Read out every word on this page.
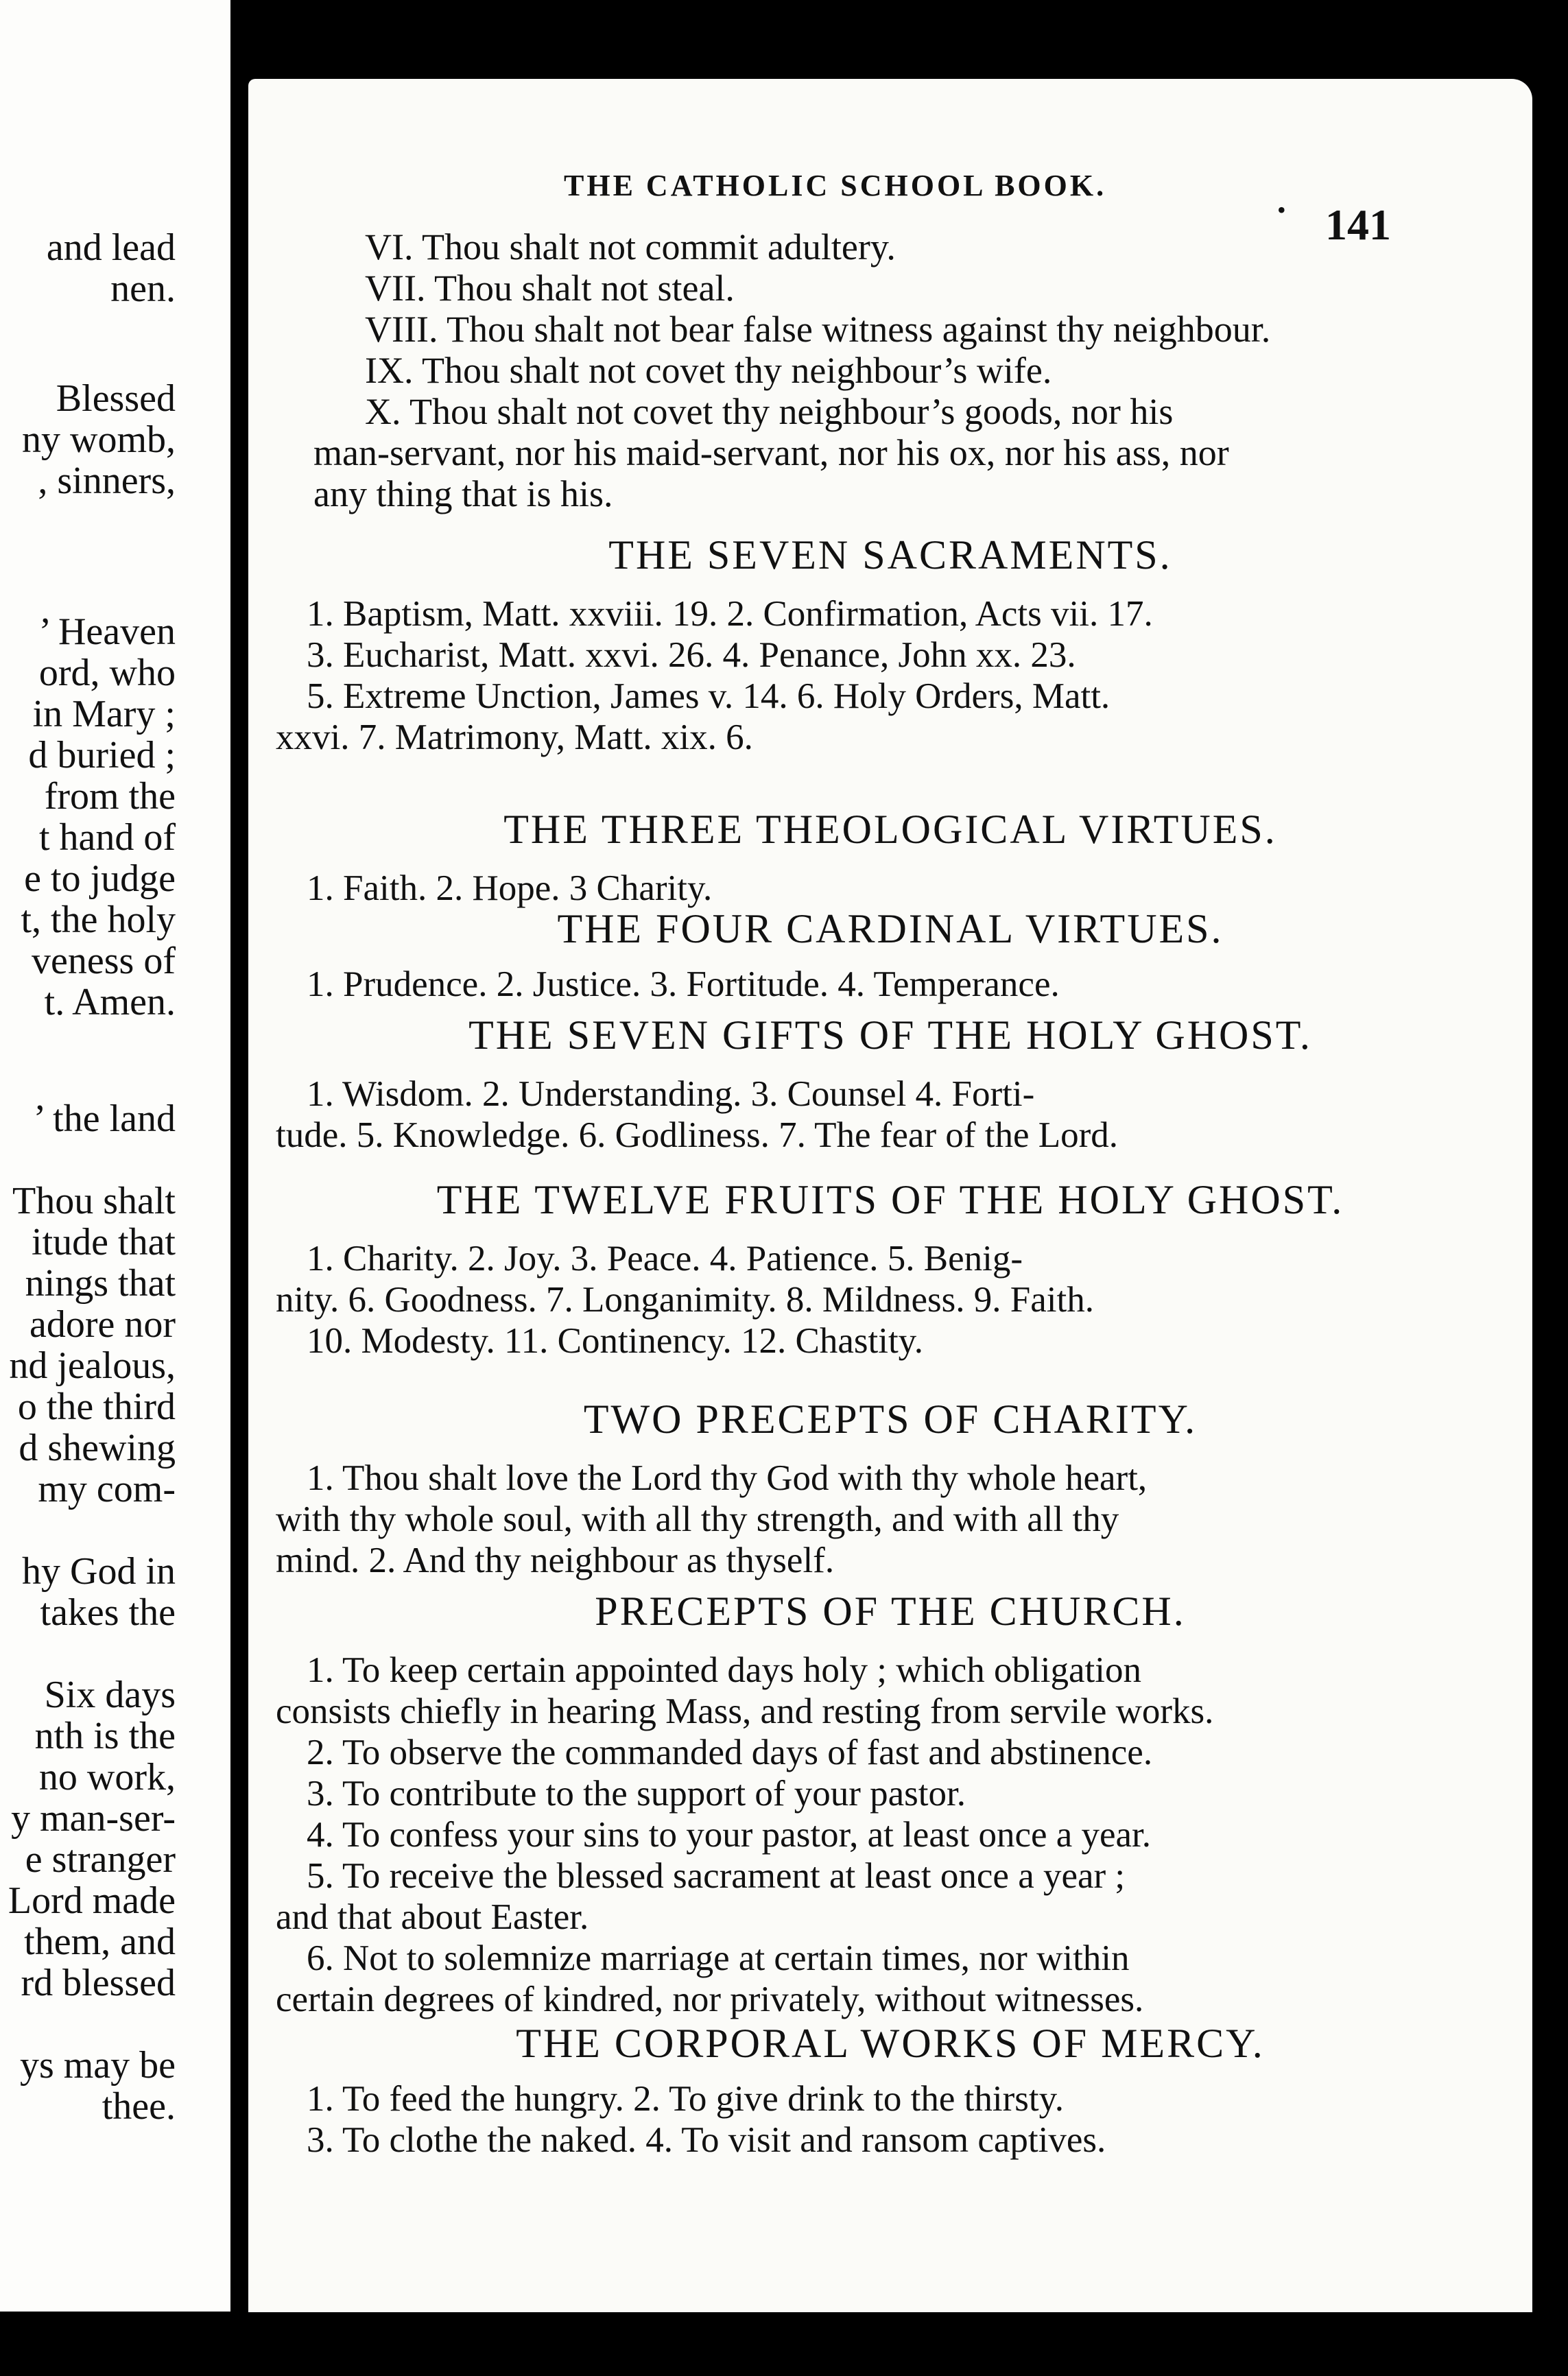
and lead
nen.
Blessed
ny womb,
, sinners,
’ Heaven
ord, who
in Mary ;
d buried ;
from the
t hand of
e to judge
t, the holy
veness of
t. Amen.
’ the land
Thou shalt
itude that
nings that
adore nor
nd jealous,
o the third
d shewing
my com-
hy God in
takes the
Six days
nth is the
no work,
y man-ser-
e stranger
Lord made
them, and
rd blessed
ys may be
thee.
THE CATHOLIC SCHOOL BOOK.
• 141
VI. Thou shalt not commit adultery.
VII. Thou shalt not steal.
VIII. Thou shalt not bear false witness against thy neighbour.
IX. Thou shalt not covet thy neighbour’s wife.
X. Thou shalt not covet thy neighbour’s goods, nor his
man-servant, nor his maid-servant, nor his ox, nor his ass, nor
any thing that is his.
THE SEVEN SACRAMENTS.
1. Baptism, Matt. xxviii. 19. 2. Confirmation, Acts vii. 17.
3. Eucharist, Matt. xxvi. 26. 4. Penance, John xx. 23.
5. Extreme Unction, James v. 14. 6. Holy Orders, Matt.
xxvi. 7. Matrimony, Matt. xix. 6.
THE THREE THEOLOGICAL VIRTUES.
1. Faith. 2. Hope. 3 Charity.
THE FOUR CARDINAL VIRTUES.
1. Prudence. 2. Justice. 3. Fortitude. 4. Temperance.
THE SEVEN GIFTS OF THE HOLY GHOST.
1. Wisdom. 2. Understanding. 3. Counsel 4. Forti-
tude. 5. Knowledge. 6. Godliness. 7. The fear of the Lord.
THE TWELVE FRUITS OF THE HOLY GHOST.
1. Charity. 2. Joy. 3. Peace. 4. Patience. 5. Benig-
nity. 6. Goodness. 7. Longanimity. 8. Mildness. 9. Faith.
10. Modesty. 11. Continency. 12. Chastity.
TWO PRECEPTS OF CHARITY.
1. Thou shalt love the Lord thy God with thy whole heart,
with thy whole soul, with all thy strength, and with all thy
mind. 2. And thy neighbour as thyself.
PRECEPTS OF THE CHURCH.
1. To keep certain appointed days holy ; which obligation
consists chiefly in hearing Mass, and resting from servile works.
2. To observe the commanded days of fast and abstinence.
3. To contribute to the support of your pastor.
4. To confess your sins to your pastor, at least once a year.
5. To receive the blessed sacrament at least once a year ;
and that about Easter.
6. Not to solemnize marriage at certain times, nor within
certain degrees of kindred, nor privately, without witnesses.
THE CORPORAL WORKS OF MERCY.
1. To feed the hungry. 2. To give drink to the thirsty.
3. To clothe the naked. 4. To visit and ransom captives.
